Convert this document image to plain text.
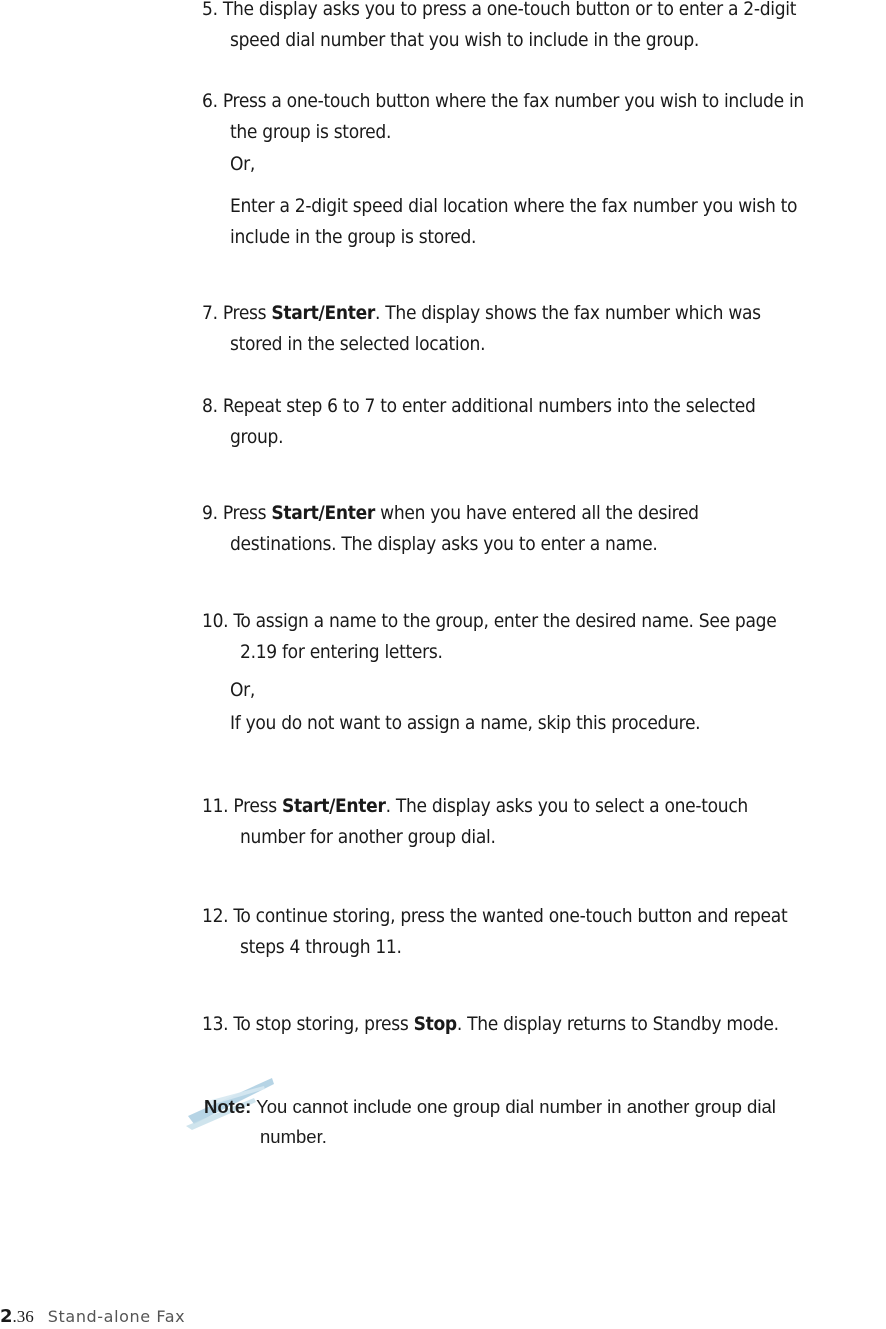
5. The display asks you to press a one-touch button or to enter a 2-digit
speed dial number that you wish to include in the group.
6. Press a one-touch button where the fax number you wish to include in
the group is stored.
Or,
Enter a 2-digit speed dial location where the fax number you wish to
include in the group is stored.
7. Press Start/Enter. The display shows the fax number which was
stored in the selected location.
8. Repeat step 6 to 7 to enter additional numbers into the selected
group.
9. Press Start/Enter when you have entered all the desired
destinations. The display asks you to enter a name.
10. To assign a name to the group, enter the desired name. See page
2.19 for entering letters.
Or,
If you do not want to assign a name, skip this procedure.
11. Press Start/Enter. The display asks you to select a one-touch
number for another group dial.
12. To continue storing, press the wanted one-touch button and repeat
steps 4 through 11.
13. To stop storing, press Stop. The display returns to Standby mode.
Note: You cannot include one group dial number in another group dial
number.
2.36 Stand-alone Fax
